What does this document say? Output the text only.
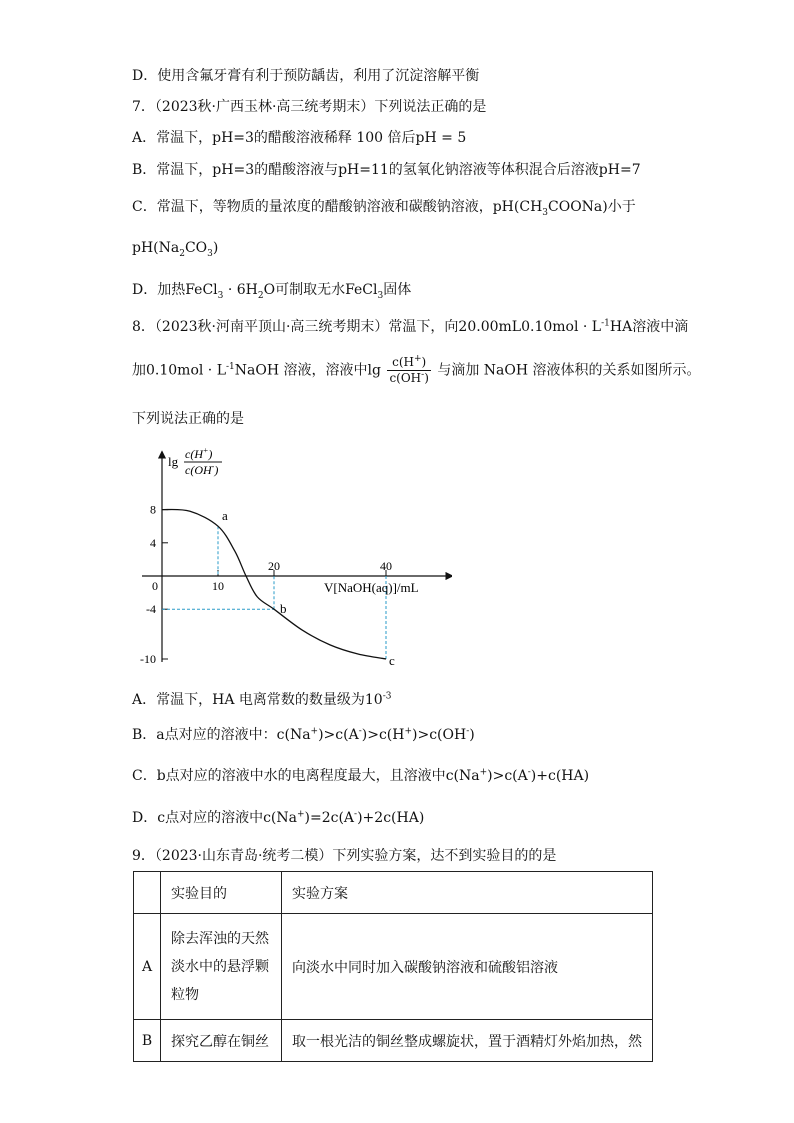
D．使用含氟牙膏有利于预防龋齿，利用了沉淀溶解平衡
7．（2023秋·广西玉林·高三统考期末）下列说法正确的是
A．常温下，pH=3的醋酸溶液稀释 100 倍后pH = 5
B．常温下，pH=3的醋酸溶液与pH=11的氢氧化钠溶液等体积混合后溶液pH=7
C．常温下，等物质的量浓度的醋酸钠溶液和碳酸钠溶液，$pH(CH_3COONa)$小于
$pH(Na_2CO_3)$
D．加热FeCl$_3$ · $6H_2O$可制取无水FeCl$_3$固体
8．（2023秋·河南平顶山·高三统考期末）常温下，向$20.00mL0.10mol \cdot L^{-1}HA$溶液中滴
加$0.10mol \cdot L^{-1}NaOH$ 溶液，溶液中$\lg \frac{c(H^+)}{c(OH^-)}$ 与滴加 NaOH 溶液体积的关系如图所示。
下列说法正确的是
8
4
-4
-10
0	10
20	40
a
b
c
lg c(H+)
c(OH-)
V[NaOH(aq)]/mL
A．常温下，HA 电离常数的数量级为$10^{-3}$
B．a点对应的溶液中：c(Na+)>c(A-)>c(H+)>c(OH-)
C．b点对应的溶液中水的电离程度最大，且溶液中c(Na+)>c(A-)+c(HA)
D．c点对应的溶液中c(Na+)=2c(A-)+2c(HA)
9．（2023·山东青岛·统考二模）下列实验方案，达不到实验目的的是
	实验目的	实验方案
A	除去浑浊的天然
淡水中的悬浮颗
粒物	向淡水中同时加入碳酸钠溶液和硫酸铝溶液
B	探究乙醇在铜丝	取一根光洁的铜丝整成螺旋状，置于酒精灯外焰加热，然
